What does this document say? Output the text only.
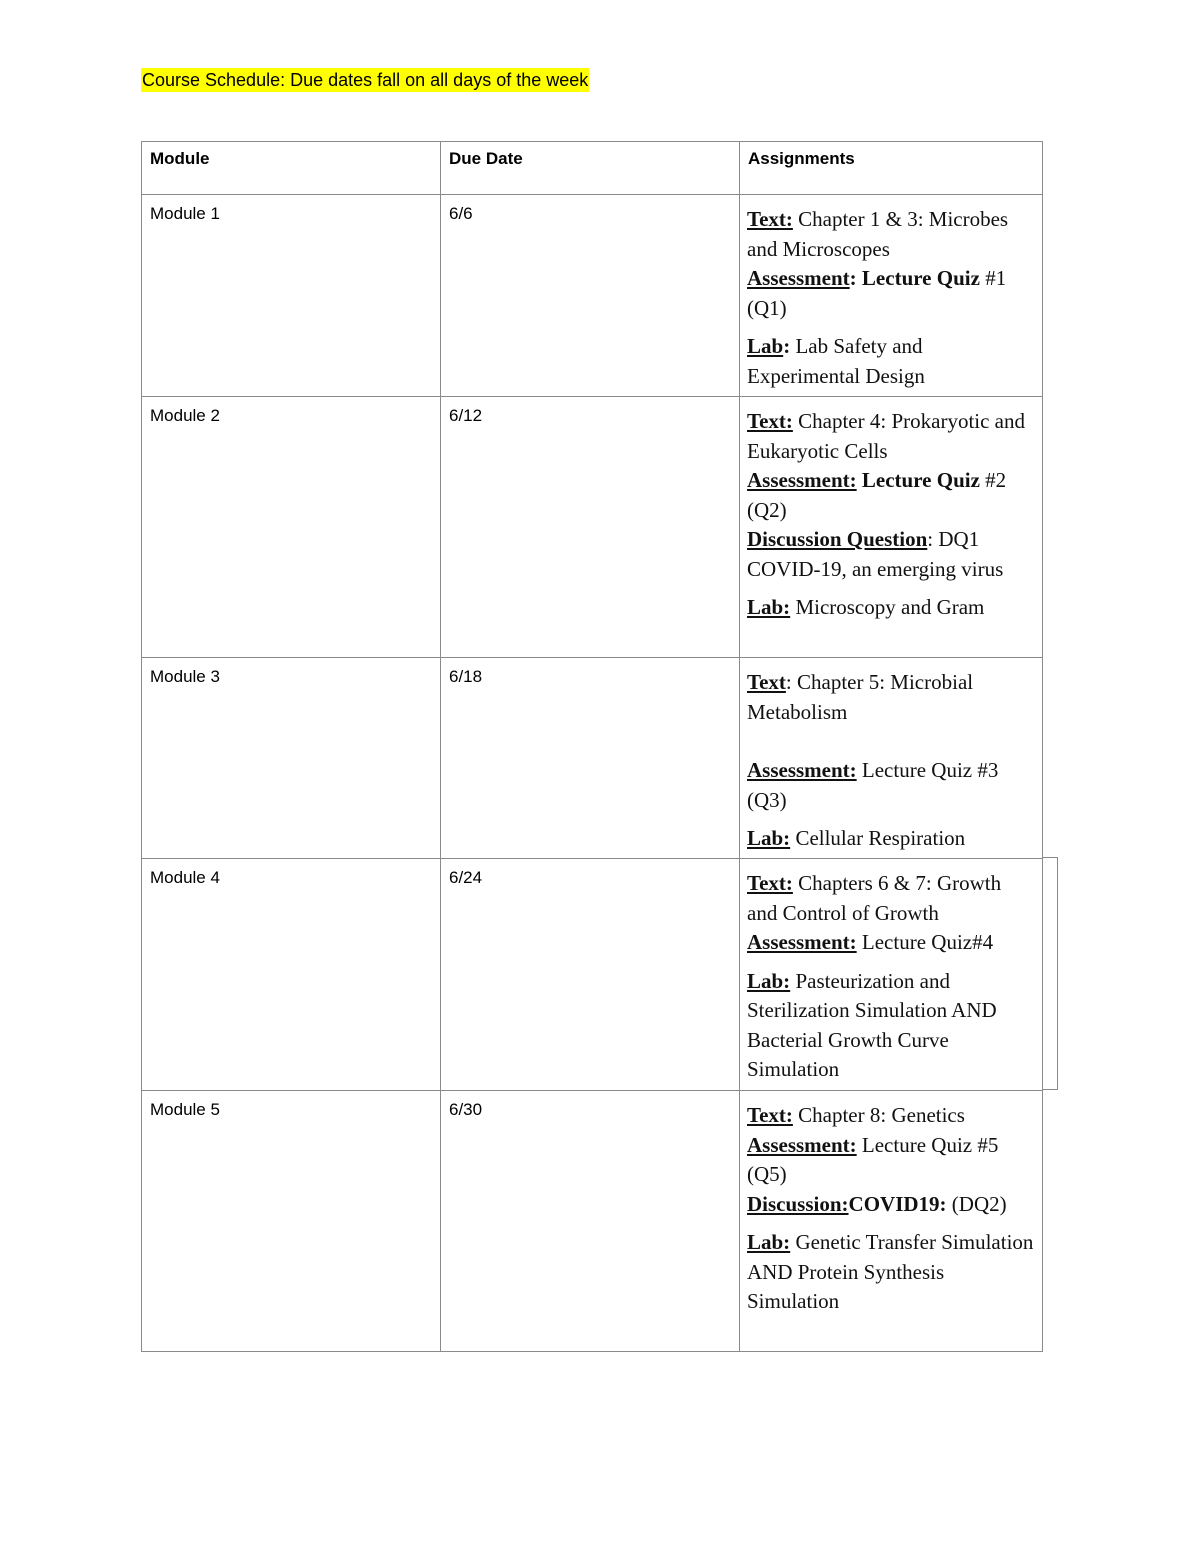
Course Schedule: Due dates fall on all days of the week
Module	Due Date	Assignments
Module 1	6/6	Text: Chapter 1 & 3: Microbes and Microscopes

Assessment: Lecture Quiz #1 (Q1)

Lab: Lab Safety and Experimental Design

Module 2	6/12	Text: Chapter 4: Prokaryotic and Eukaryotic Cells

Assessment: Lecture Quiz #2 (Q2)

Discussion Question: DQ1 COVID-19, an emerging virus

Lab: Microscopy and Gram

Module 3	6/18	Text: Chapter 5: Microbial Metabolism

Assessment: Lecture Quiz #3 (Q3)

Lab: Cellular Respiration

Module 4	6/24	Text: Chapters 6 & 7: Growth and Control of Growth

Assessment: Lecture Quiz#4

Lab: Pasteurization and Sterilization Simulation AND Bacterial Growth Curve Simulation

Module 5	6/30	Text: Chapter 8: Genetics

Assessment: Lecture Quiz #5 (Q5)

Discussion:COVID19: (DQ2)

Lab: Genetic Transfer Simulation AND Protein Synthesis Simulation
